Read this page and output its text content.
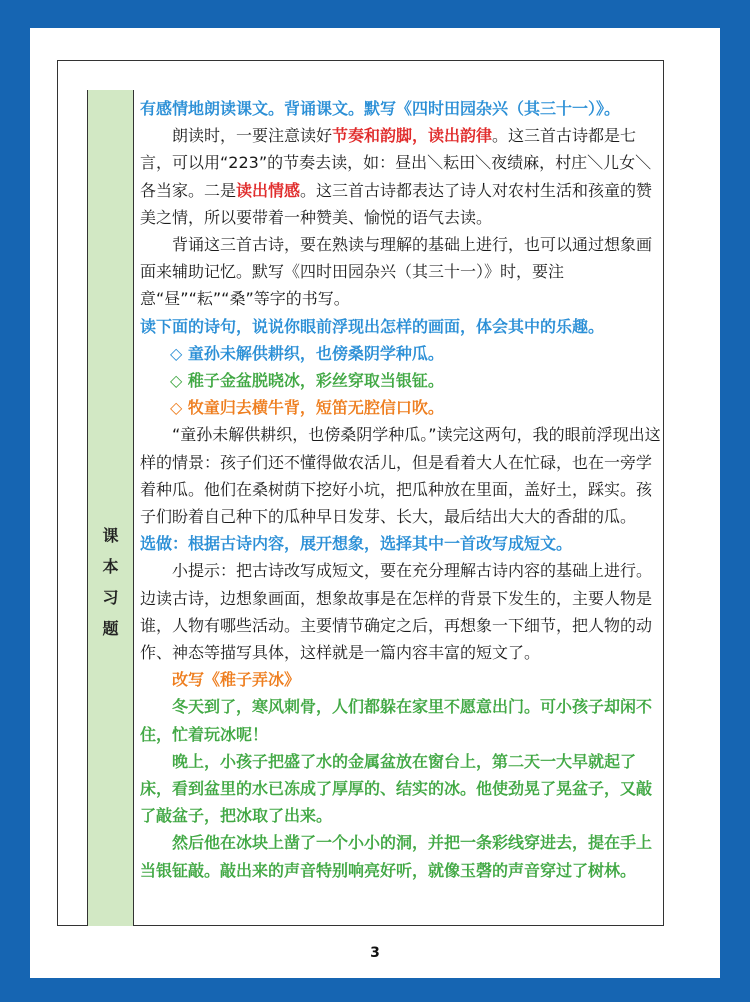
课
本
习
题

有感情地朗读课文。背诵课文。默写《四时田园杂兴（其三十一）》。

朗读时，一要注意读好节奏和韵脚，读出韵律。这三首古诗都是七言，可以用“223”的节奏去读，如：昼出＼耘田＼夜绩麻，村庄＼儿女＼各当家。二是读出情感。这三首古诗都表达了诗人对农村生活和孩童的赞美之情，所以要带着一种赞美、愉悦的语气去读。

背诵这三首古诗，要在熟读与理解的基础上进行，也可以通过想象画面来辅助记忆。默写《四时田园杂兴（其三十一）》时，要注意“昼”“耘”“桑”等字的书写。

读下面的诗句，说说你眼前浮现出怎样的画面，体会其中的乐趣。

◇ 童孙未解供耕织，也傍桑阴学种瓜。

◇ 稚子金盆脱晓冰，彩丝穿取当银钲。

◇ 牧童归去横牛背，短笛无腔信口吹。

“童孙未解供耕织，也傍桑阴学种瓜。”读完这两句，我的眼前浮现出这样的情景：孩子们还不懂得做农活儿，但是看着大人在忙碌，也在一旁学着种瓜。他们在桑树荫下挖好小坑，把瓜种放在里面，盖好土，踩实。孩子们盼着自己种下的瓜种早日发芽、长大，最后结出大大的香甜的瓜。

选做：根据古诗内容，展开想象，选择其中一首改写成短文。

小提示：把古诗改写成短文，要在充分理解古诗内容的基础上进行。边读古诗，边想象画面，想象故事是在怎样的背景下发生的，主要人物是谁，人物有哪些活动。主要情节确定之后，再想象一下细节，把人物的动作、神态等描写具体，这样就是一篇内容丰富的短文了。

改写《稚子弄冰》

冬天到了，寒风刺骨，人们都躲在家里不愿意出门。可小孩子却闲不住，忙着玩冰呢！

晚上，小孩子把盛了水的金属盆放在窗台上，第二天一大早就起了床，看到盆里的水已冻成了厚厚的、结实的冰。他使劲晃了晃盆子，又敲了敲盆子，把冰取了出来。

然后他在冰块上凿了一个小小的洞，并把一条彩线穿进去，提在手上当银钲敲。敲出来的声音特别响亮好听，就像玉磬的声音穿过了树林。

3
